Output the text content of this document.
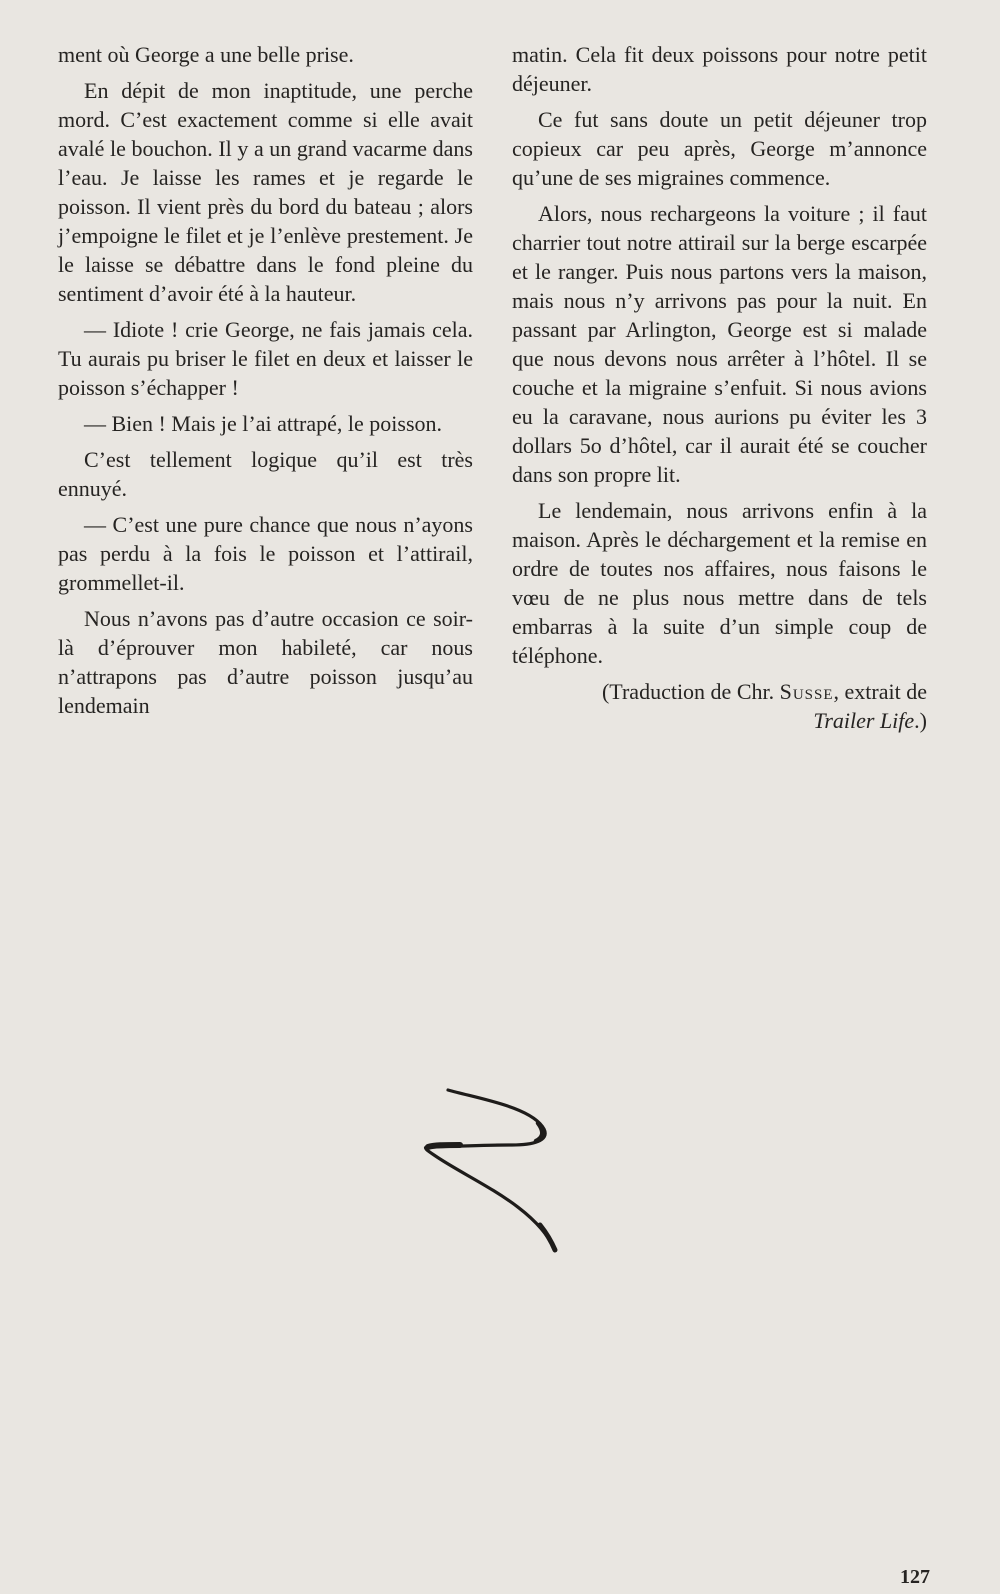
ment où George a une belle prise.

En dépit de mon inaptitude, une perche mord. C’est exactement comme si elle avait avalé le bouchon. Il y a un grand vacarme dans l’eau. Je laisse les rames et je regarde le poisson. Il vient près du bord du bateau ; alors j’empoigne le filet et je l’enlève prestement. Je le laisse se débattre dans le fond pleine du sentiment d’avoir été à la hauteur.

— Idiote ! crie George, ne fais jamais cela. Tu aurais pu briser le filet en deux et laisser le poisson s’échapper !

— Bien ! Mais je l’ai attrapé, le poisson.

C’est tellement logique qu’il est très ennuyé.

— C’est une pure chance que nous n’ayons pas perdu à la fois le poisson et l’attirail, grommellet-il.

Nous n’avons pas d’autre occasion ce soir-là d’éprouver mon habileté, car nous n’attrapons pas d’autre poisson jusqu’au lendemain

matin. Cela fit deux poissons pour notre petit déjeuner.

Ce fut sans doute un petit déjeuner trop copieux car peu après, George m’annonce qu’une de ses migraines commence.

Alors, nous rechargeons la voiture ; il faut charrier tout notre attirail sur la berge escarpée et le ranger. Puis nous partons vers la maison, mais nous n’y arrivons pas pour la nuit. En passant par Arlington, George est si malade que nous devons nous arrêter à l’hôtel. Il se couche et la migraine s’enfuit. Si nous avions eu la caravane, nous aurions pu éviter les 3 dollars 5o d’hôtel, car il aurait été se coucher dans son propre lit.

Le lendemain, nous arrivons enfin à la maison. Après le déchargement et la remise en ordre de toutes nos affaires, nous faisons le vœu de ne plus nous mettre dans de tels embarras à la suite d’un simple coup de téléphone.

(Traduction de Chr. Susse, extrait de Trailer Life.)

127
